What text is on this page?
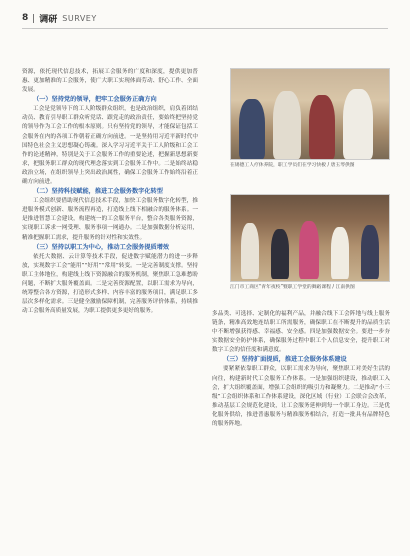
8 调研 SURVEY

资源，依托现代信息技术，拓展工会服务的广度和深度，提供更加普惠、更加精准的工会服务，使广大职工实现体面劳动、舒心工作、全面发展。

（一）坚持党的领导，把牢工会服务正确方向

工会是党领导下的工人阶级群众组织，也是政治组织，肩负着团结动员、教育引导职工群众听党话、跟党走的政治责任，要始终把坚持党的领导作为工会工作的根本原则。只有坚持党的领导，才能保证包括工会服务在内的各项工作朝着正确方向前进。一是坚持用习近平新时代中国特色社会主义思想凝心铸魂。深入学习习近平关于工人阶级和工会工作的论述精神，特别是关于工会服务工作的重要论述，把握新思想新要求，把服务职工群众的现代理念落实到工会服务工作中。二是始终站稳政治立场，在组织领导上突出政治属性，确保工会服务工作始终沿着正确方向前进。

（二）坚持科技赋能，推进工会服务数字化转型

工会组织要借助现代信息技术手段，加快工会服务数字化转型，推进服务模式创新、服务流程再造，打造线上线下相融合的服务体系。一是推进智慧工会建设，构建统一的工会服务平台，整合各类服务资源，实现职工诉求一网受理、服务事项一网通办。二是加强数据分析运用，精准把握职工需求，提升服务的针对性和实效性。

（三）坚持以职工为中心，推动工会服务提质增效

依托大数据、云计算等技术手段，促进数字赋能潜力的进一步释放，实现数字工会“能用”“好用”“常用”转变。一是完善制度支撑。坚持职工主体地位，构建线上线下资源融合的服务机制，聚焦职工急难愁盼问题，不断扩大服务覆盖面。二是完善资源配置，以职工需求为导向，统筹整合各方资源，打造形式多样、内容丰富的服务项目，满足职工多层次多样化需求。三是健全激励保障机制，完善服务评价体系，持续推动工会服务高质量发展，为职工提供更多更好的服务。

在锡德工人疗休养院，职工学员们在学习快板 / 唐玉琴供图
江门市工商区“青年夜校”暨职工学堂的舞蹈课程 / 江南供图

多品类、可选择、定制化的福利产品，并融合线下工会阵地与线上服务链条，精准高效地连结职工所需服务，确保职工在不断提升的品质生活中不断增强获得感、幸福感、安全感。四是加强数据安全。要进一步夯实数据安全防护体系，确保服务过程中职工个人信息安全，提升职工对数字工会的信任度和满意度。

（三）坚持扩面提质，推进工会服务体系建设

要紧紧依靠职工群众，以职工需求为导向，聚焦职工对美好生活的向往，构建新时代工会服务工作体系。一是加强组织建设，推动职工入会，扩大组织覆盖面，增强工会组织的吸引力和凝聚力。二是推动“小三级”工会组织体系和工作体系建设，深化区域（行业）工会联合会改革，推动基层工会规范化建设，让工会服务延伸到每一个职工身边。三是优化服务供给，推进普惠服务与精准服务相结合，打造一批具有品牌特色的服务阵地。
